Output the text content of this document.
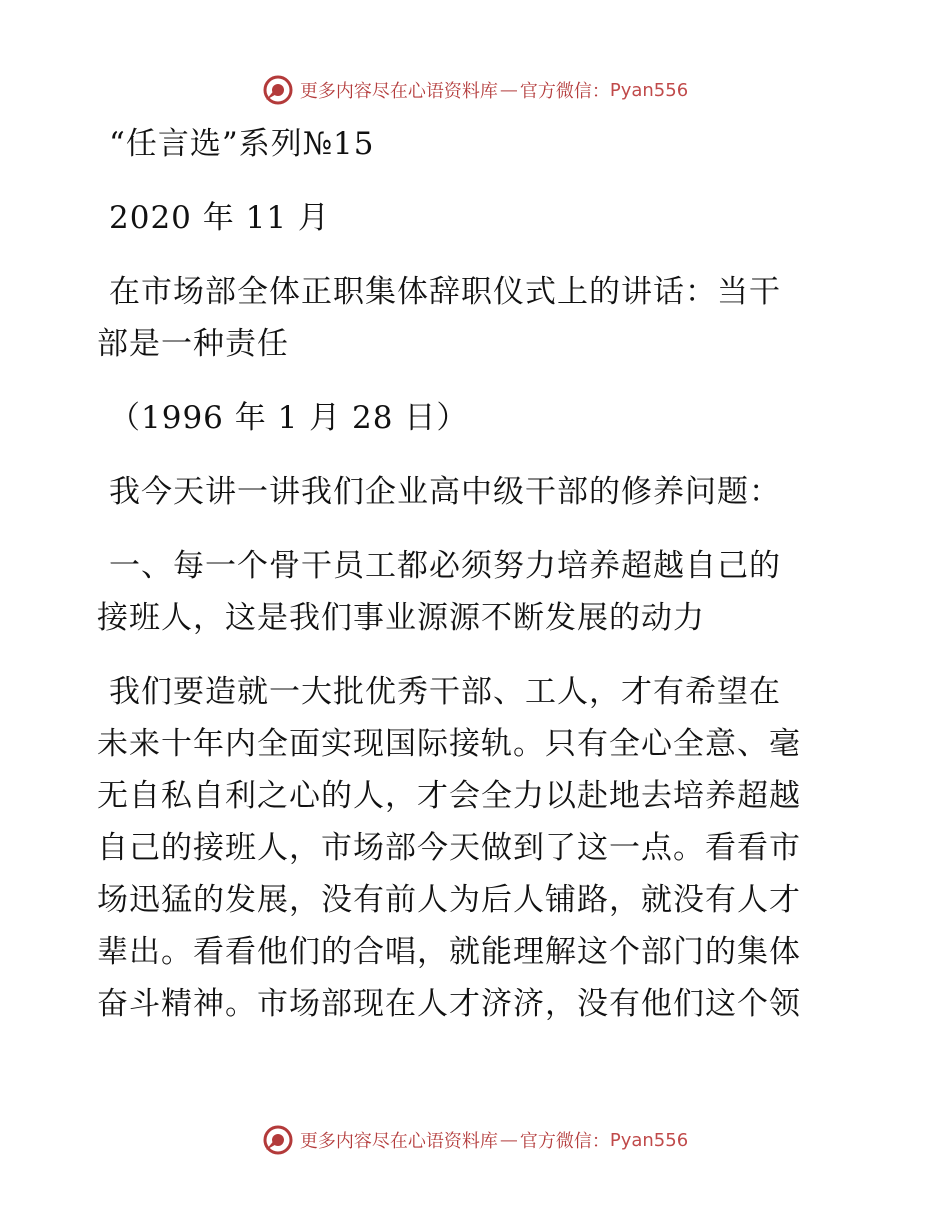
更多内容尽在心语资料库 — 官方微信： Pyan556
“任言选”系列№15
2020 年 11 月
在市场部全体正职集体辞职仪式上的讲话：当干
部是一种责任
（1996 年 1 月 28 日）
我今天讲一讲我们企业高中级干部的修养问题：
一、每一个骨干员工都必须努力培养超越自己的
接班人，这是我们事业源源不断发展的动力
我们要造就一大批优秀干部、工人，才有希望在
未来十年内全面实现国际接轨。只有全心全意、毫
无自私自利之心的人，才会全力以赴地去培养超越
自己的接班人，市场部今天做到了这一点。看看市
场迅猛的发展，没有前人为后人铺路，就没有人才
辈出。看看他们的合唱，就能理解这个部门的集体
奋斗精神。市场部现在人才济济，没有他们这个领
更多内容尽在心语资料库 — 官方微信： Pyan556
